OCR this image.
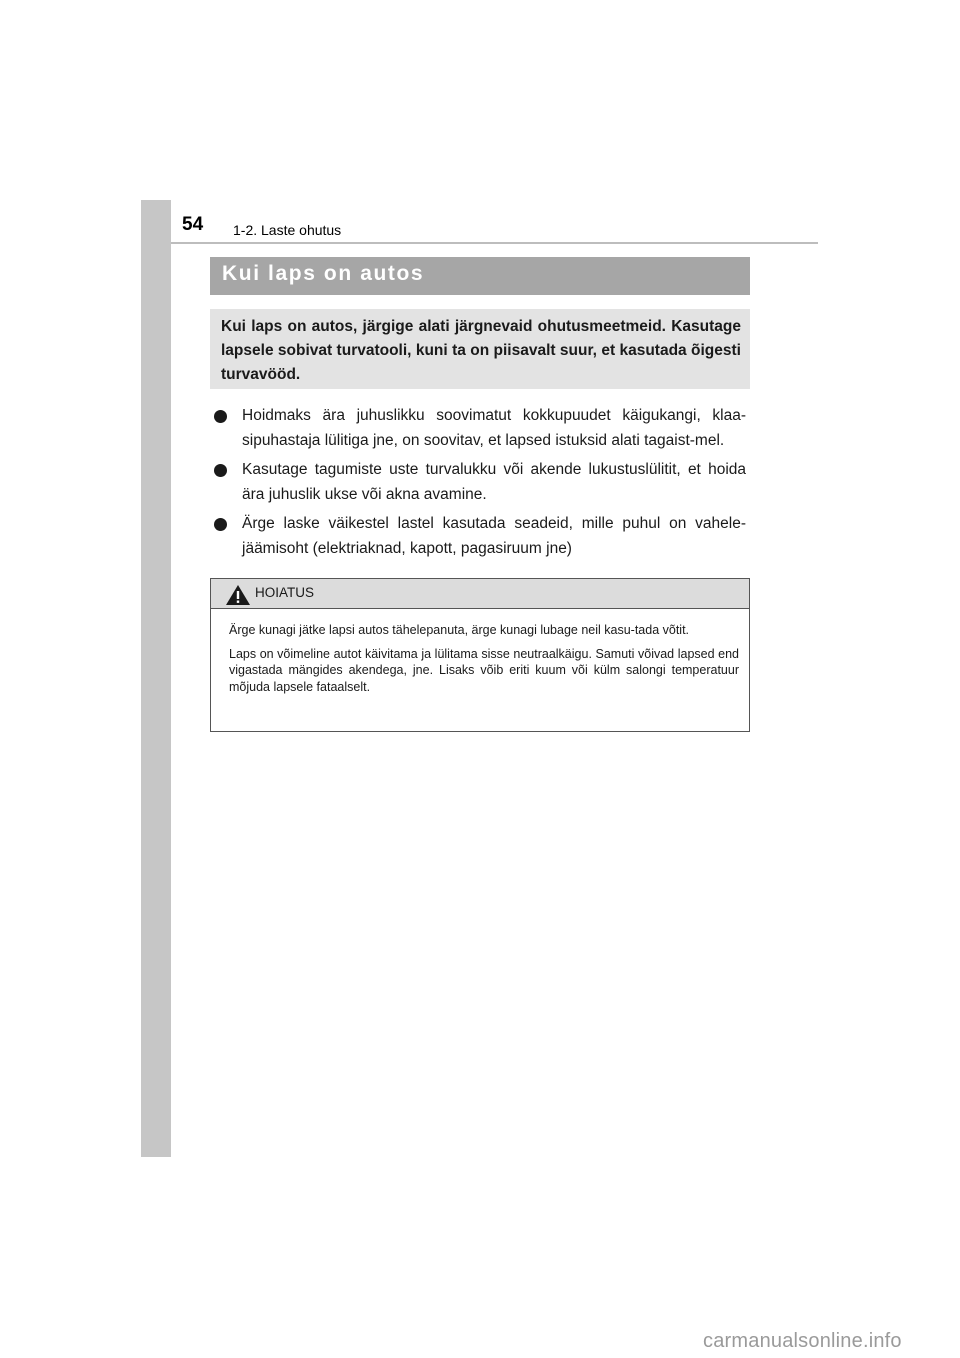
54 1-2. Laste ohutus
Kui laps on autos
Kui laps on autos, järgige alati järgnevaid ohutusmeetmeid. Kasutage lapsele sobivat turvatooli, kuni ta on piisavalt suur, et kasutada õigesti turvavööd.
Hoidmaks ära juhuslikku soovimatut kokkupuudet käigukangi, klaa-sipuhastaja lülitiga jne, on soovitav, et lapsed istuksid alati tagaist-mel.
Kasutage tagumiste uste turvalukku või akende lukustuslülitit, et hoida ära juhuslik ukse või akna avamine.
Ärge laske väikestel lastel kasutada seadeid, mille puhul on vahele-jäämisoht (elektriaknad, kapott, pagasiruum jne)
HOIATUS

Ärge kunagi jätke lapsi autos tähelepanuta, ärge kunagi lubage neil kasu-tada võtit.

Laps on võimeline autot käivitama ja lülitama sisse neutraalkäigu. Samuti võivad lapsed end vigastada mängides akendega, jne. Lisaks võib eriti kuum või külm salongi temperatuur mõjuda lapsele fataalselt.

carmanualsonline.info
